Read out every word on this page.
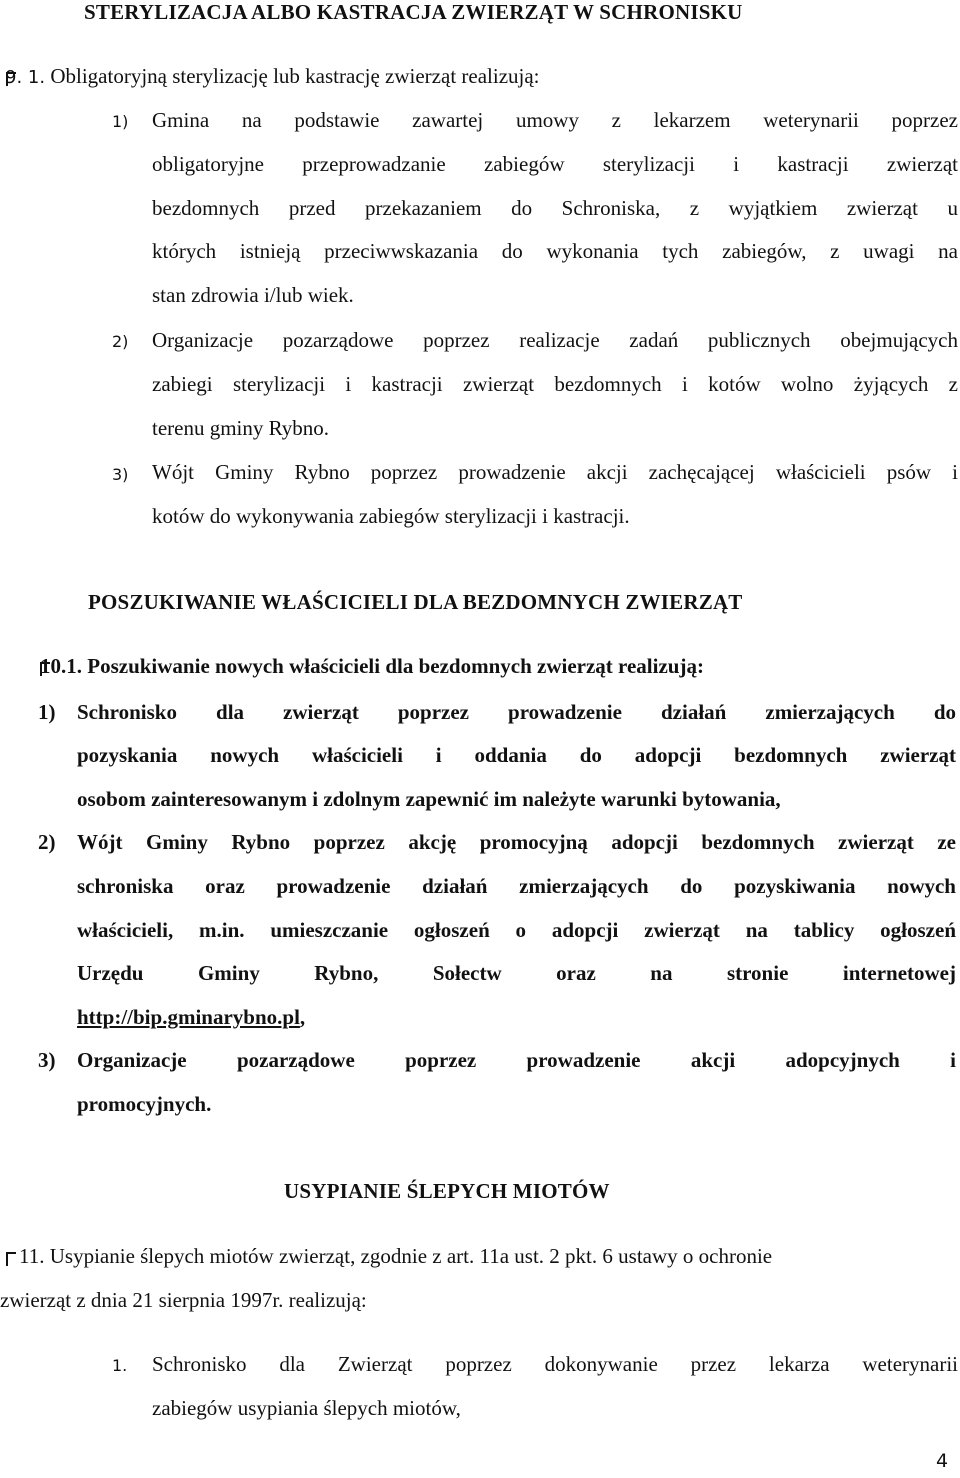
STERYLIZACJA ALBO KASTRACJA ZWIERZĄT W SCHRONISKU
 9. 1. Obligatoryjną sterylizację lub kastrację zwierząt realizują:
1) Gmina na podstawie zawartej umowy z lekarzem weterynarii poprzez
obligatoryjne przeprowadzanie zabiegów sterylizacji i kastracji zwierząt
bezdomnych przed przekazaniem do Schroniska, z wyjątkiem zwierząt u
których istnieją przeciwwskazania do wykonania tych zabiegów, z uwagi na
stan zdrowia i/lub wiek.
2) Organizacje pozarządowe poprzez realizacje zadań publicznych obejmujących
zabiegi sterylizacji i kastracji zwierząt bezdomnych i kotów wolno żyjących z
terenu gminy Rybno.
3) Wójt Gminy Rybno poprzez prowadzenie akcji zachęcającej właścicieli psów i
kotów do wykonywania zabiegów sterylizacji i kastracji.
POSZUKIWANIE WŁAŚCICIELI DLA BEZDOMNYCH ZWIERZĄT
10.1. Poszukiwanie nowych właścicieli dla bezdomnych zwierząt realizują:
1) Schronisko dla zwierząt poprzez prowadzenie działań zmierzających do
pozyskania nowych właścicieli i oddania do adopcji bezdomnych zwierząt
osobom zainteresowanym i zdolnym zapewnić im należyte warunki bytowania,
2) Wójt Gminy Rybno poprzez akcję promocyjną adopcji bezdomnych zwierząt ze
schroniska oraz prowadzenie działań zmierzających do pozyskiwania nowych
właścicieli, m.in. umieszczanie ogłoszeń o adopcji zwierząt na tablicy ogłoszeń
Urzędu Gminy Rybno, Sołectw oraz na stronie internetowej
http://bip.gminarybno.pl,
3) Organizacje pozarządowe poprzez prowadzenie akcji adopcyjnych i
promocyjnych.
USYPIANIE ŚLEPYCH MIOTÓW
 11. Usypianie ślepych miotów zwierząt, zgodnie z art. 11a ust. 2 pkt. 6 ustawy o ochronie
zwierząt z dnia 21 sierpnia 1997r. realizują:
1. Schronisko dla Zwierząt poprzez dokonywanie przez lekarza weterynarii
zabiegów usypiania ślepych miotów,
4
